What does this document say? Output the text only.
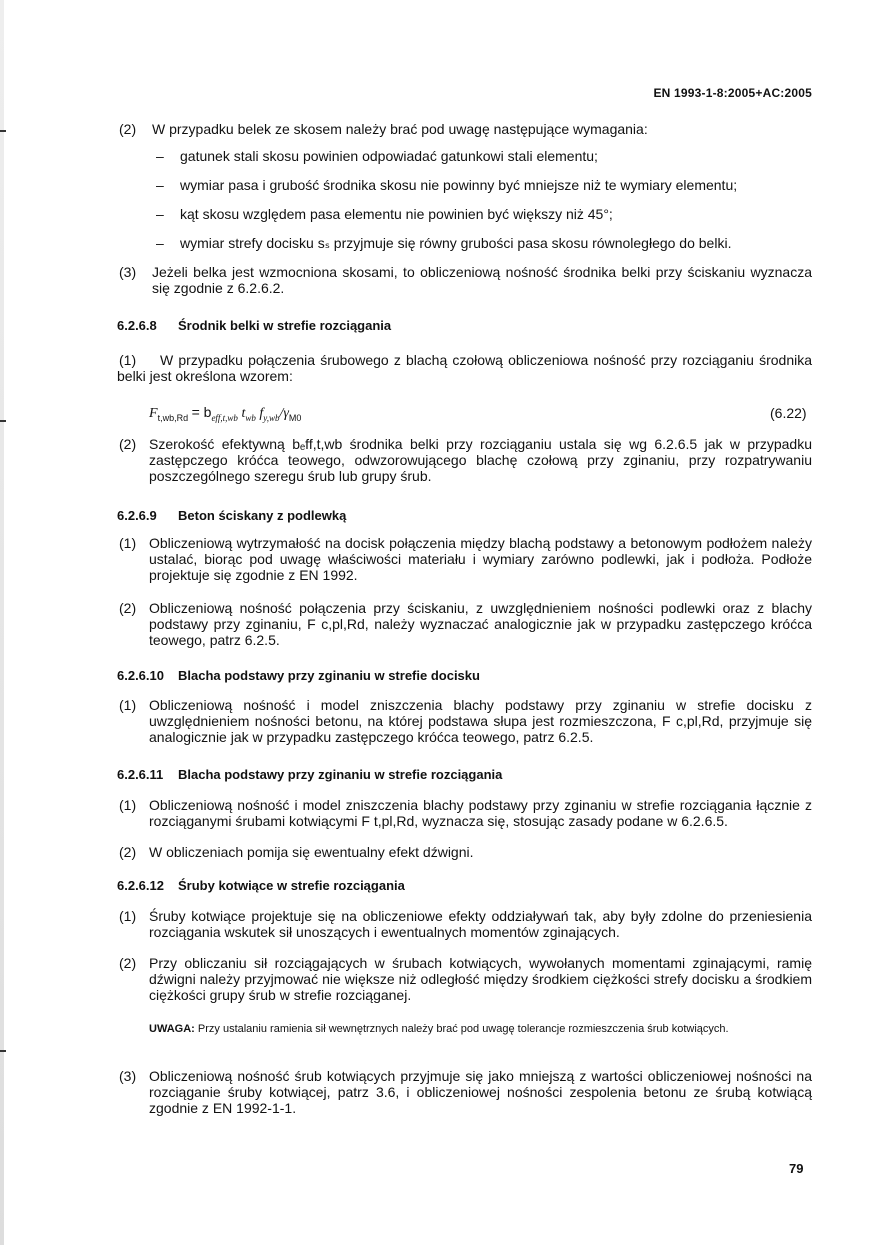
EN 1993-1-8:2005+AC:2005
(2) W przypadku belek ze skosem należy brać pod uwagę następujące wymagania:
– gatunek stali skosu powinien odpowiadać gatunkowi stali elementu;
– wymiar pasa i grubość środnika skosu nie powinny być mniejsze niż te wymiary elementu;
– kąt skosu względem pasa elementu nie powinien być większy niż 45°;
– wymiar strefy docisku sₛ przyjmuje się równy grubości pasa skosu równoległego do belki.
(3) Jeżeli belka jest wzmocniona skosami, to obliczeniową nośność środnika belki przy ściskaniu wyznacza się zgodnie z 6.2.6.2.
6.2.6.8 Środnik belki w strefie rozciągania
(1)	W przypadku połączenia śrubowego z blachą czołową obliczeniowa nośność przy rozciąganiu środnika belki jest określona wzorem:
$F_{t,wb,Rd} = b_{eff,t,wb}$ $t_{wb}$ $f_{y,wb}/\gamma_{M0}$	(6.22)
(2) Szerokość efektywną bₑff,t,wb środnika belki przy rozciąganiu ustala się wg 6.2.6.5 jak w przypadku zastępczego króćca teowego, odwzorowującego blachę czołową przy zginaniu, przy rozpatrywaniu poszczególnego szeregu śrub lub grupy śrub.
6.2.6.9 Beton ściskany z podlewką
(1) Obliczeniową wytrzymałość na docisk połączenia między blachą podstawy a betonowym podłożem należy ustalać, biorąc pod uwagę właściwości materiału i wymiary zarówno podlewki, jak i podłoża. Podłoże projektuje się zgodnie z EN 1992.
(2) Obliczeniową nośność połączenia przy ściskaniu, z uwzględnieniem nośności podlewki oraz z blachy podstawy przy zginaniu, F c,pl,Rd, należy wyznaczać analogicznie jak w przypadku zastępczego króćca teowego, patrz 6.2.5.
6.2.6.10 Blacha podstawy przy zginaniu w strefie docisku
(1) Obliczeniową nośność i model zniszczenia blachy podstawy przy zginaniu w strefie docisku z uwzględnieniem nośności betonu, na której podstawa słupa jest rozmieszczona, F c,pl,Rd, przyjmuje się analogicznie jak w przypadku zastępczego króćca teowego, patrz 6.2.5.
6.2.6.11 Blacha podstawy przy zginaniu w strefie rozciągania
(1) Obliczeniową nośność i model zniszczenia blachy podstawy przy zginaniu w strefie rozciągania łącznie z rozciąganymi śrubami kotwiącymi F t,pl,Rd, wyznacza się, stosując zasady podane w 6.2.6.5.
(2) W obliczeniach pomija się ewentualny efekt dźwigni.
6.2.6.12 Śruby kotwiące w strefie rozciągania
(1) Śruby kotwiące projektuje się na obliczeniowe efekty oddziaływań tak, aby były zdolne do przeniesienia rozciągania wskutek sił unoszących i ewentualnych momentów zginających.
(2) Przy obliczaniu sił rozciągających w śrubach kotwiących, wywołanych momentami zginającymi, ramię dźwigni należy przyjmować nie większe niż odległość między środkiem ciężkości strefy docisku a środkiem ciężkości grupy śrub w strefie rozciąganej.
UWAGA: Przy ustalaniu ramienia sił wewnętrznych należy brać pod uwagę tolerancje rozmieszczenia śrub kotwiących.
(3) Obliczeniową nośność śrub kotwiących przyjmuje się jako mniejszą z wartości obliczeniowej nośności na rozciąganie śruby kotwiącej, patrz 3.6, i obliczeniowej nośności zespolenia betonu ze śrubą kotwiącą zgodnie z EN 1992-1-1.
79
